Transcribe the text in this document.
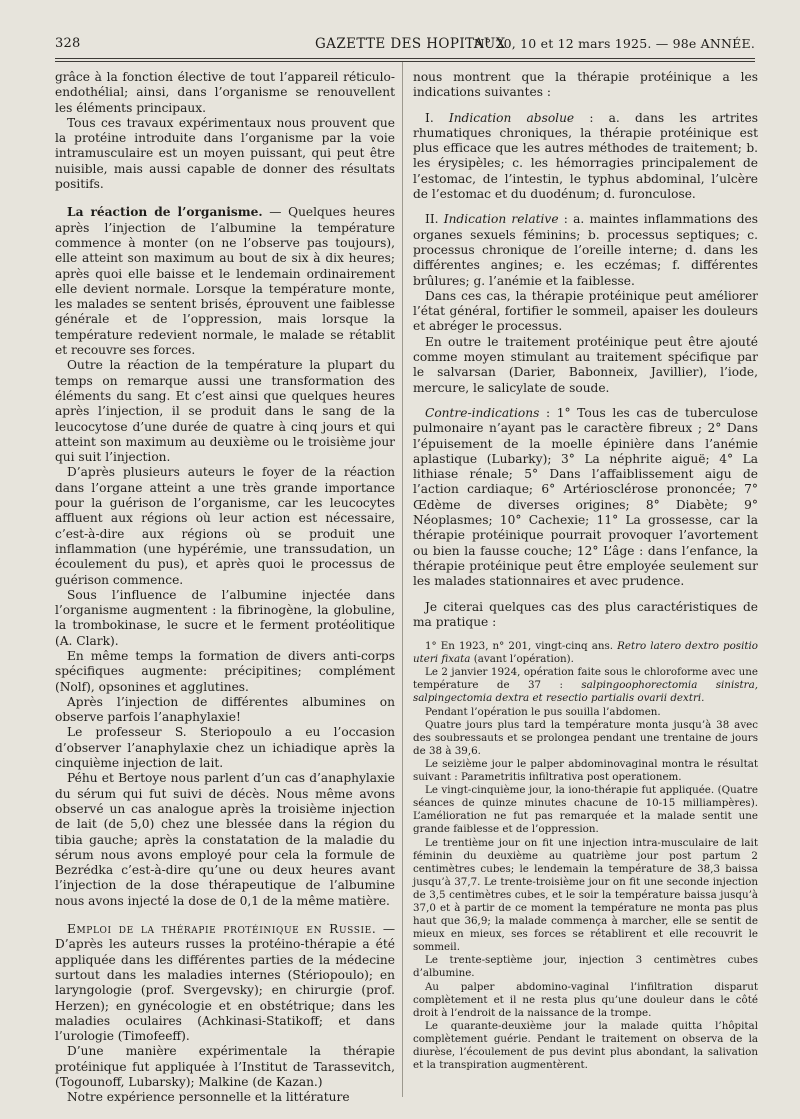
328	GAZETTE DES HOPITAUX
N° 20, 10 et 12 mars 1925. — 98e ANNÉE.

grâce à la fonction élective de tout l’appareil réticulo-endothélial; ainsi, dans l’organisme se renouvellent les éléments principaux.

Tous ces travaux expérimentaux nous prouvent que la protéine introduite dans l’organisme par la voie intramusculaire est un moyen puissant, qui peut être nuisible, mais aussi capable de donner des résultats positifs.

La réaction de l’organisme. — Quelques heures après l’injection de l’albumine la température commence à monter (on ne l’observe pas toujours), elle atteint son maximum au bout de six à dix heures; après quoi elle baisse et le lendemain ordinairement elle devient normale. Lorsque la température monte, les malades se sentent brisés, éprouvent une faiblesse générale et de l’oppression, mais lorsque la température redevient normale, le malade se rétablit et recouvre ses forces.

Outre la réaction de la température la plupart du temps on remarque aussi une transformation des éléments du sang. Et c’est ainsi que quelques heures après l’injection, il se produit dans le sang de la leucocytose d’une durée de quatre à cinq jours et qui atteint son maximum au deuxième ou le troisième jour qui suit l’injection.

D’après plusieurs auteurs le foyer de la réaction dans l’organe atteint a une très grande importance pour la guérison de l’organisme, car les leucocytes affluent aux régions où leur action est nécessaire, c’est-à-dire aux régions où se produit une inflammation (une hypérémie, une transsudation, un écoulement du pus), et après quoi le processus de guérison commence.

Sous l’influence de l’albumine injectée dans l’organisme augmentent : la fibrinogène, la globuline, la trombokinase, le sucre et le ferment protéolitique (A. Clark).

En même temps la formation de divers anti-corps spécifiques augmente: précipitines; complément (Nolf), opsonines et agglutines.

Après l’injection de différentes albumines on observe parfois l’anaphylaxie!

Le professeur S. Steriopoulo a eu l’occasion d’observer l’anaphylaxie chez un ichiadique après la cinquième injection de lait.

Péhu et Bertoye nous parlent d’un cas d’anaphylaxie du sérum qui fut suivi de décès. Nous même avons observé un cas analogue après la troisième injection de lait (de 5,0) chez une blessée dans la région du tibia gauche; après la constatation de la maladie du sérum nous avons employé pour cela la formule de Bezrédka c’est-à-dire qu’une ou deux heures avant l’injection de la dose thérapeutique de l’albumine nous avons injecté la dose de 0,1 de la même matière.

Emploi de la thérapie protéinique en Russie. — D’après les auteurs russes la protéino-thérapie a été appliquée dans les différentes parties de la médecine surtout dans les maladies internes (Stériopoulo); en laryngologie (prof. Svergevsky); en chirurgie (prof. Herzen); en gynécologie et en obstétrique; dans les maladies oculaires (Achkinasi-Statikoff; et dans l’urologie (Timofeeff).

D’une manière expérimentale la thérapie protéinique fut appliquée à l’Institut de Tarassevitch, (Togounoff, Lubarsky); Malkine (de Kazan.)

Notre expérience personnelle et la littérature

nous montrent que la thérapie protéinique a les indications suivantes :

I. Indication absolue : a. dans les artrites rhumatiques chroniques, la thérapie protéinique est plus efficace que les autres méthodes de traitement; b. les érysipèles; c. les hémorragies principalement de l’estomac, de l’intestin, le typhus abdominal, l’ulcère de l’estomac et du duodénum; d. furonculose.

II. Indication relative : a. maintes inflammations des organes sexuels féminins; b. processus septiques; c. processus chronique de l’oreille interne; d. dans les différentes angines; e. les eczémas; f. différentes brûlures; g. l’anémie et la faiblesse.

Dans ces cas, la thérapie protéinique peut améliorer l’état général, fortifier le sommeil, apaiser les douleurs et abréger le processus.

En outre le traitement protéinique peut être ajouté comme moyen stimulant au traitement spécifique par le salvarsan (Darier, Babonneix, Javillier), l’iode, mercure, le salicylate de soude.

Contre-indications : 1° Tous les cas de tuberculose pulmonaire n’ayant pas le caractère fibreux ; 2° Dans l’épuisement de la moelle épinière dans l’anémie aplastique (Lubarky); 3° La néphrite aiguë; 4° La lithiase rénale; 5° Dans l’affaiblissement aigu de l’action cardiaque; 6° Artériosclérose prononcée; 7° Œdème de diverses origines; 8° Diabète; 9° Néoplasmes; 10° Cachexie; 11° La grossesse, car la thérapie protéinique pourrait provoquer l’avortement ou bien la fausse couche; 12° L’âge : dans l’enfance, la thérapie protéinique peut être employée seulement sur les malades stationnaires et avec prudence.

Je citerai quelques cas des plus caractéristiques de ma pratique :

1° En 1923, n° 201, vingt-cinq ans. Retro latero dextro positio uteri fixata (avant l’opération).

Le 2 janvier 1924, opération faite sous le chloroforme avec une température de 37 : salpingoophorectomia sinistra, salpingectomia dextra et resectio partialis ovarii dextri.

Pendant l’opération le pus souilla l’abdomen.

Quatre jours plus tard la température monta jusqu’à 38 avec des soubressauts et se prolongea pendant une trentaine de jours de 38 à 39,6.

Le seizième jour le palper abdominovaginal montra le résultat suivant : Parametritis infiltrativa post operationem.

Le vingt-cinquième jour, la iono-thérapie fut appliquée. (Quatre séances de quinze minutes chacune de 10-15 milliampères). L’amélioration ne fut pas remarquée et la malade sentit une grande faiblesse et de l’oppression.

Le trentième jour on fit une injection intra-musculaire de lait féminin du deuxième au quatrième jour post partum 2 centimètres cubes; le lendemain la température de 38,3 baissa jusqu’à 37,7. Le trente-troisième jour on fit une seconde injection de 3,5 centimètres cubes, et le soir la température baissa jusqu’à 37,0 et à partir de ce moment la température ne monta pas plus haut que 36,9; la malade commença à marcher, elle se sentit de mieux en mieux, ses forces se rétablirent et elle recouvrit le sommeil.

Le trente-septième jour, injection 3 centimètres cubes d’albumine.

Au palper abdomino-vaginal l’infiltration disparut complètement et il ne resta plus qu’une douleur dans le côté droit à l’endroit de la naissance de la trompe.

Le quarante-deuxième jour la malade quitta l’hôpital complètement guérie. Pendant le traitement on observa de la diurèse, l’écoulement de pus devint plus abondant, la salivation et la transpiration augmentèrent.
